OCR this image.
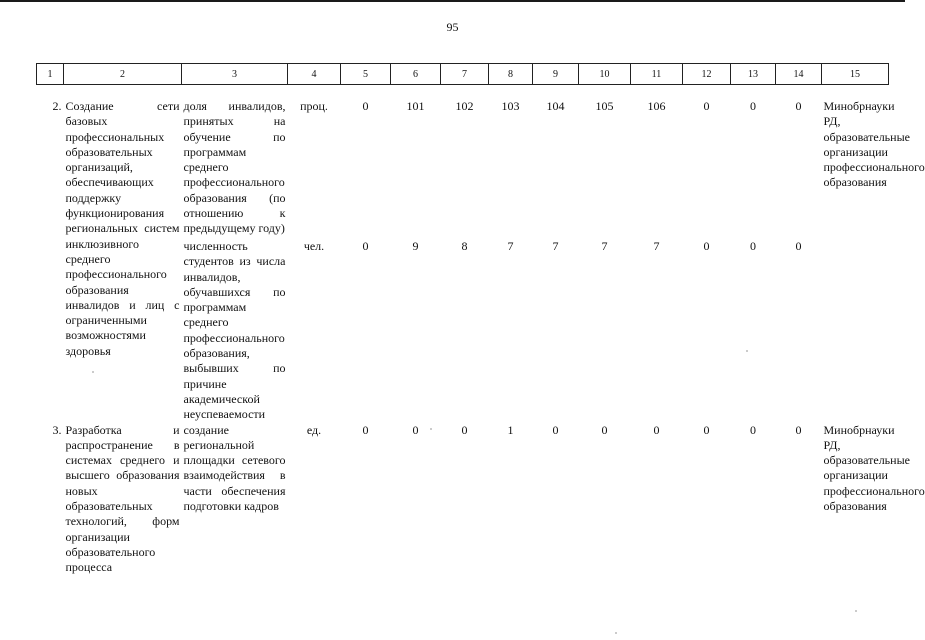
95
1	2	3	4	5	6	7	8	9	10	11	12	13	14	15

2.	Создание сети базовых профессиональных образовательных организаций, обеспечивающих поддержку функционирования региональных систем инклюзивного среднего профессионального образования инвалидов и лиц с ограниченными возможностями здоровья	доля инвалидов, принятых на обучение по программам среднего профессионального образования (по отношению к предыдущему году)	проц.	0	101	102	103	104	105	106	0	0	0	Минобрнауки РД, образовательные организации профессионального образования
		численность студентов из числа инвалидов, обучавшихся по программам среднего профессионального образования, выбывших по причине академической неуспеваемости	чел.	0	9	8	7	7	7	7	0	0	0	
3.	Разработка и распространение в системах среднего и высшего образования новых образовательных технологий, форм организации образовательного процесса	создание региональной площадки сетевого взаимодействия в части обеспечения подготовки кадров	ед.	0	0	0	1	0	0	0	0	0	0	Минобрнауки РД, образовательные организации профессионального образования
